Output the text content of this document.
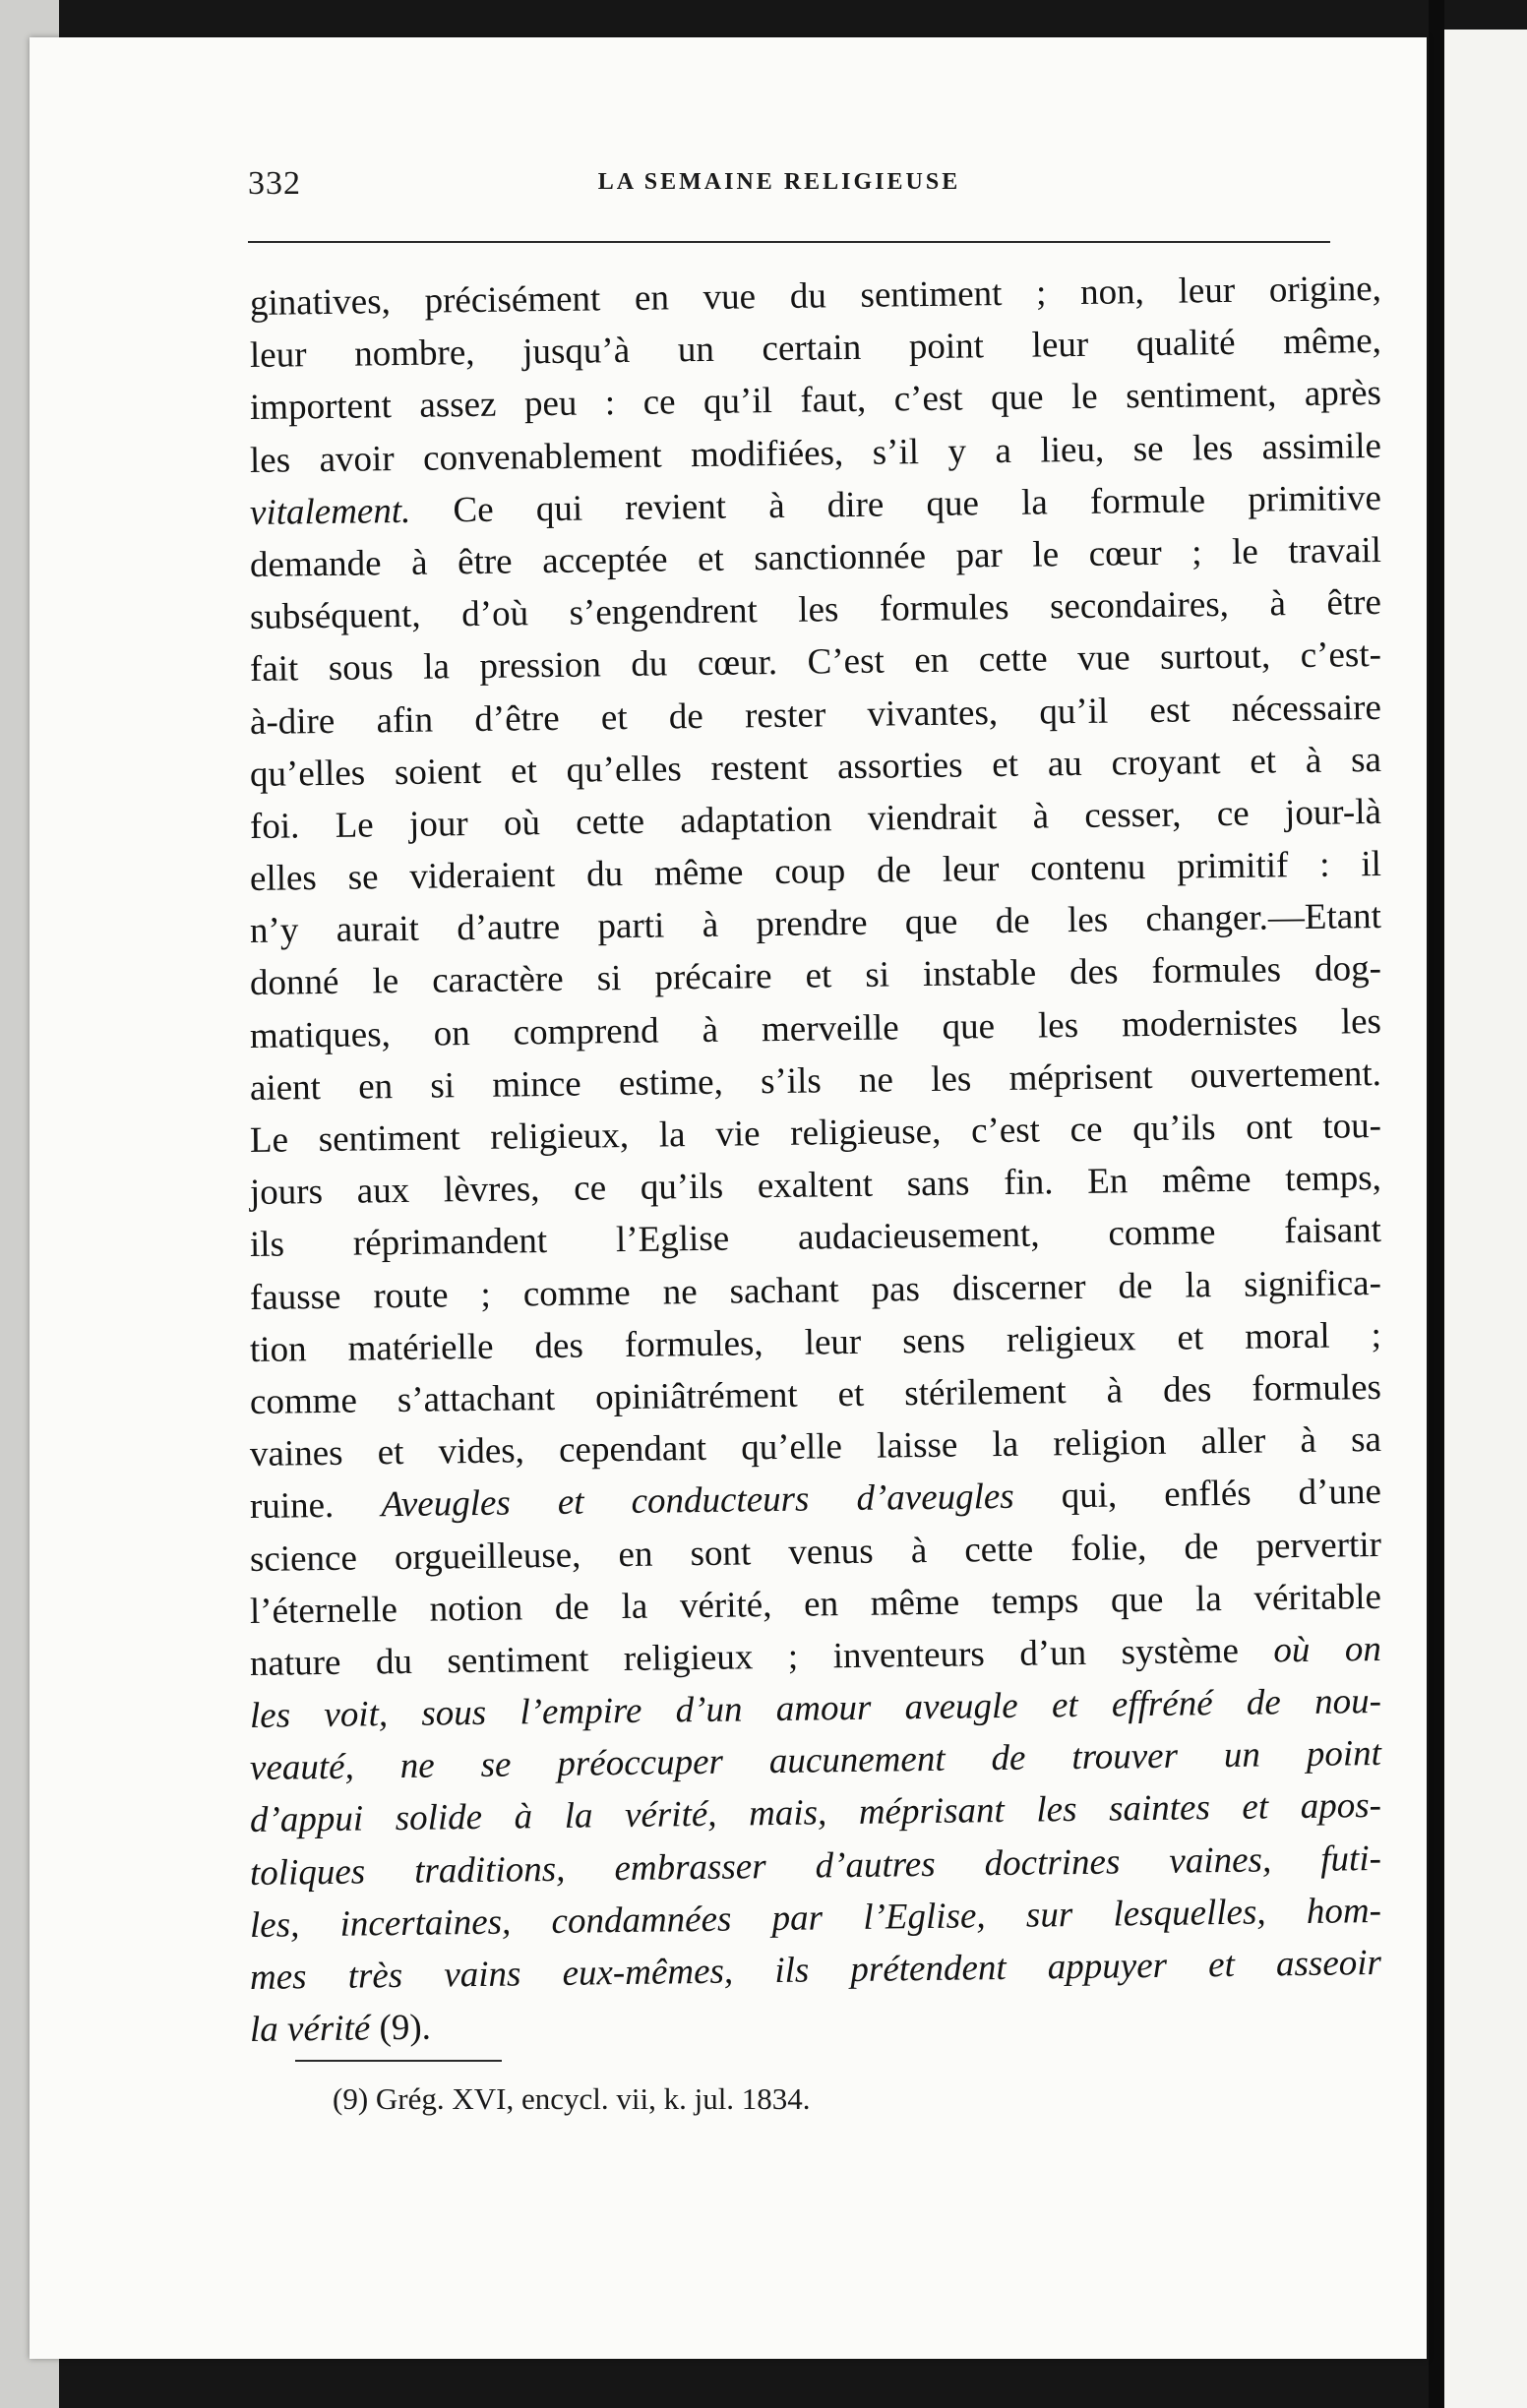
332	LA SEMAINE RELIGIEUSE
ginatives, précisément en vue du sentiment ; non, leur origine,
leur nombre, jusqu’à un certain point leur qualité même,
importent assez peu : ce qu’il faut, c’est que le sentiment, après
les avoir convenablement modifiées, s’il y a lieu, se les assimile
vitalement. Ce qui revient à dire que la formule primitive
demande à être acceptée et sanctionnée par le cœur ; le travail
subséquent, d’où s’engendrent les formules secondaires, à être
fait sous la pression du cœur. C’est en cette vue surtout, c’est-
à-dire afin d’être et de rester vivantes, qu’il est nécessaire
qu’elles soient et qu’elles restent assorties et au croyant et à sa
foi. Le jour où cette adaptation viendrait à cesser, ce jour-là
elles se videraient du même coup de leur contenu primitif : il
n’y aurait d’autre parti à prendre que de les changer.—Etant
donné le caractère si précaire et si instable des formules dog-
matiques, on comprend à merveille que les modernistes les
aient en si mince estime, s’ils ne les méprisent ouvertement.
Le sentiment religieux, la vie religieuse, c’est ce qu’ils ont tou-
jours aux lèvres, ce qu’ils exaltent sans fin. En même temps,
ils réprimandent l’Eglise audacieusement, comme faisant
fausse route ; comme ne sachant pas discerner de la significa-
tion matérielle des formules, leur sens religieux et moral ;
comme s’attachant opiniâtrément et stérilement à des formules
vaines et vides, cependant qu’elle laisse la religion aller à sa
ruine. Aveugles et conducteurs d’aveugles qui, enflés d’une
science orgueilleuse, en sont venus à cette folie, de pervertir
l’éternelle notion de la vérité, en même temps que la véritable
nature du sentiment religieux ; inventeurs d’un système où on
les voit, sous l’empire d’un amour aveugle et effréné de nou-
veauté, ne se préoccuper aucunement de trouver un point
d’appui solide à la vérité, mais, méprisant les saintes et apos-
toliques traditions, embrasser d’autres doctrines vaines, futi-
les, incertaines, condamnées par l’Eglise, sur lesquelles, hom-
mes très vains eux-mêmes, ils prétendent appuyer et asseoir
la vérité (9).
(9) Grég. XVI, encycl. vii, k. jul. 1834.
